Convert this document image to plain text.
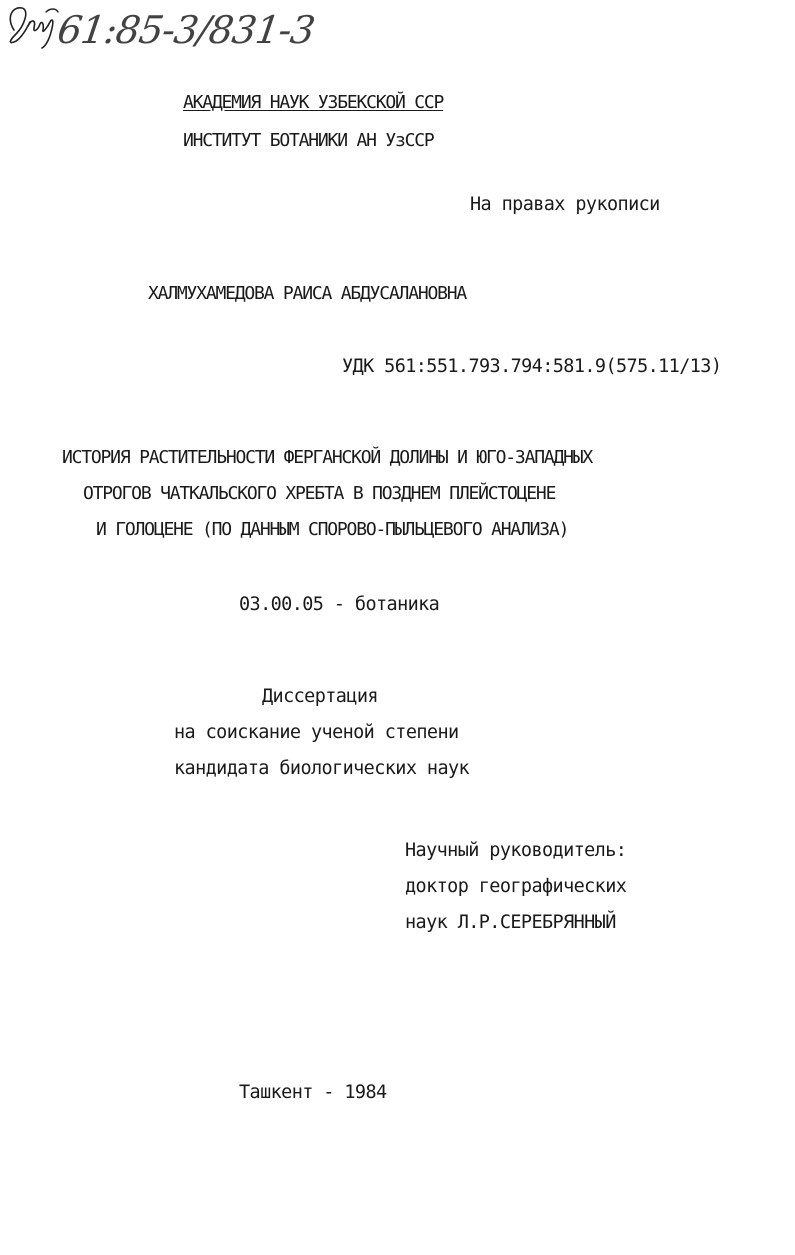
61:85-3/831-3
АКАДЕМИЯ НАУК УЗБЕКСКОЙ ССР
ИНСТИТУТ БОТАНИКИ АН УзССР
На правах рукописи
ХАЛМУХАМЕДОВА РАИСА АБДУСАЛАНОВНА
УДК 561:551.793.794:581.9(575.11/13)
ИСТОРИЯ РАСТИТЕЛЬНОСТИ ФЕРГАНСКОЙ ДОЛИНЫ И ЮГО-ЗАПАДНЫХ
ОТРОГОВ ЧАТКАЛЬСКОГО ХРЕБТА В ПОЗДНЕМ ПЛЕЙСТОЦЕНЕ
И ГОЛОЦЕНЕ (ПО ДАННЫМ СПОРОВО-ПЫЛЬЦЕВОГО АНАЛИЗА)
03.00.05 - ботаника
Диссертация
на соискание ученой степени
кандидата биологических наук
Научный руководитель:
доктор географических
наук Л.Р.СЕРЕБРЯННЫЙ
Ташкент - 1984
